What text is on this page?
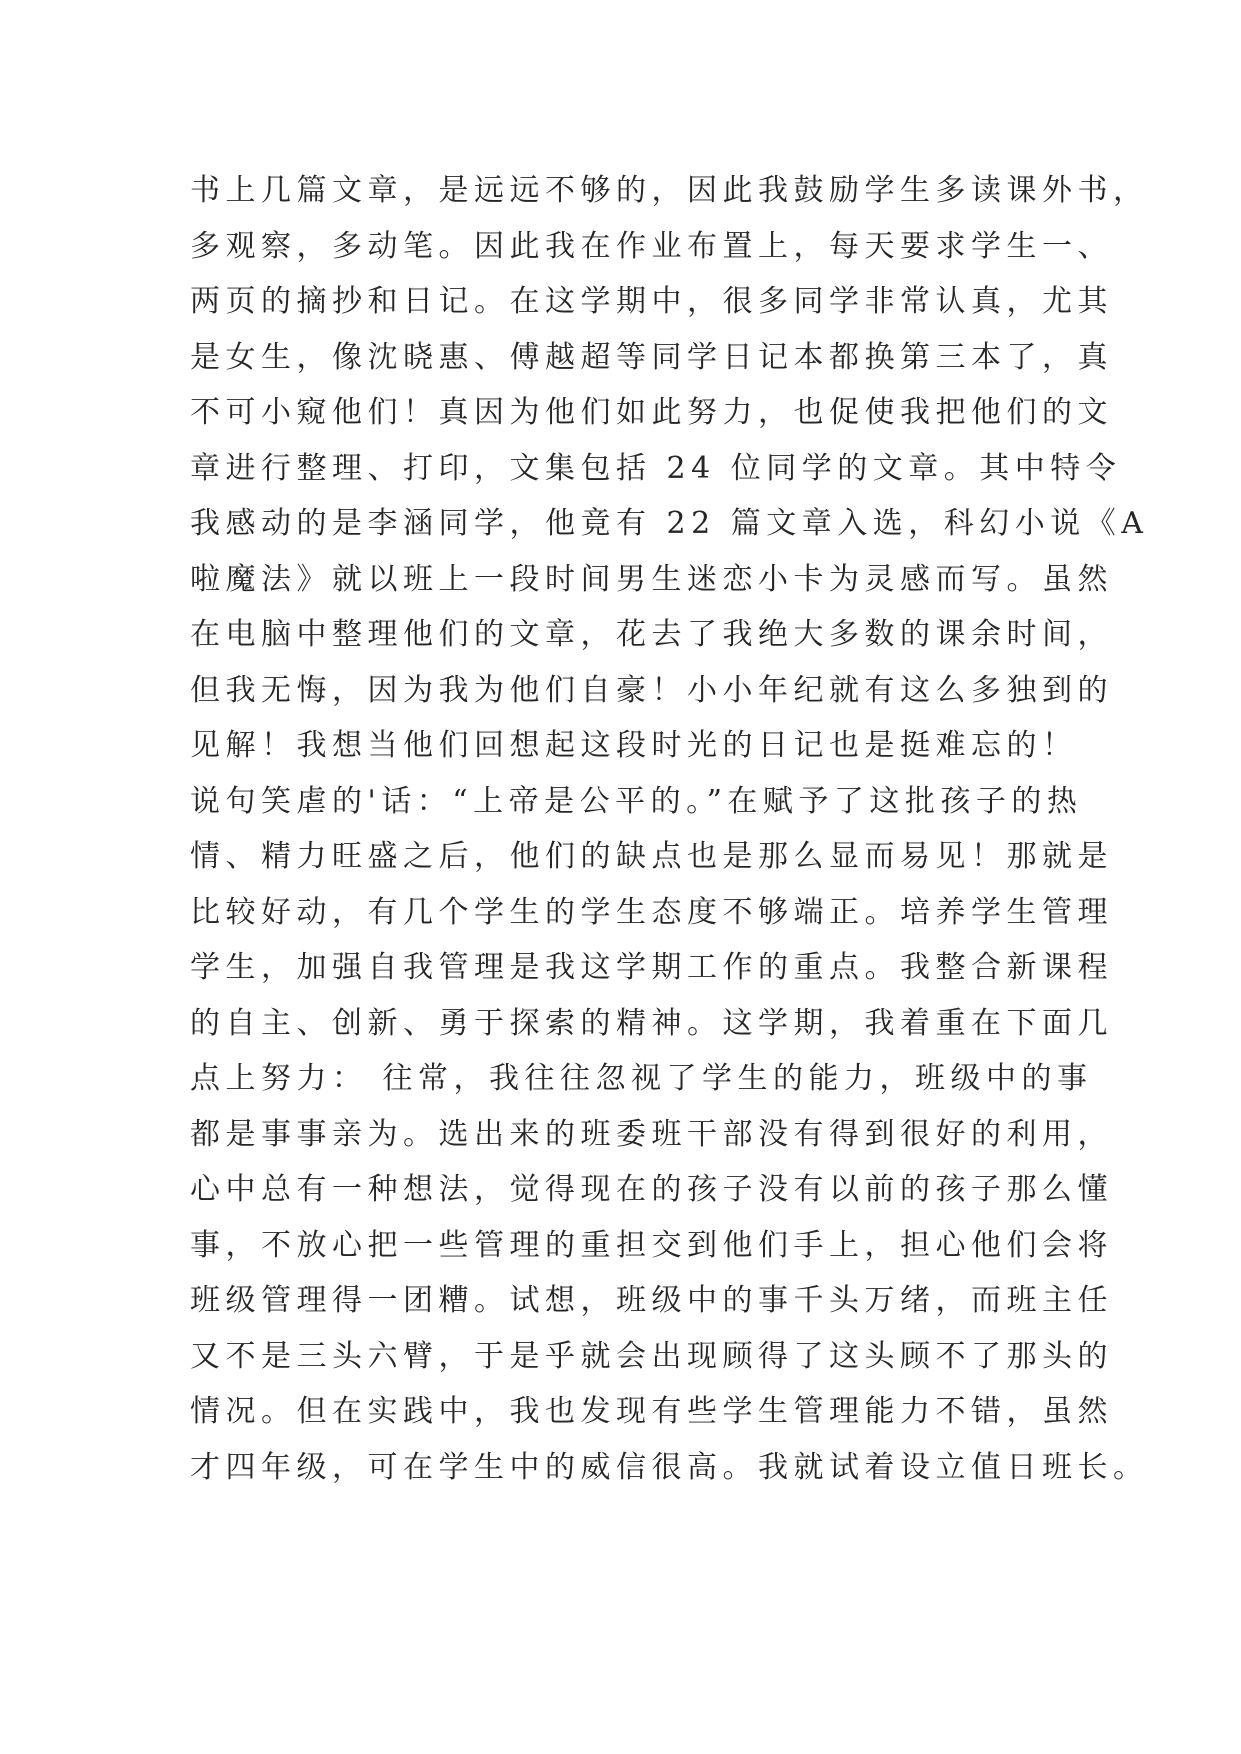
书上几篇文章，是远远不够的，因此我鼓励学生多读课外书，
多观察，多动笔。因此我在作业布置上，每天要求学生一、
两页的摘抄和日记。在这学期中，很多同学非常认真，尤其
是女生，像沈晓惠、傅越超等同学日记本都换第三本了，真
不可小窥他们！真因为他们如此努力，也促使我把他们的文
章进行整理、打印，文集包括 24 位同学的文章。其中特令
我感动的是李涵同学，他竟有 22 篇文章入选，科幻小说《A
啦魔法》就以班上一段时间男生迷恋小卡为灵感而写。虽然
在电脑中整理他们的文章，花去了我绝大多数的课余时间，
但我无悔，因为我为他们自豪！小小年纪就有这么多独到的
见解！我想当他们回想起这段时光的日记也是挺难忘的！
说句笑虐的'话：“上帝是公平的。”在赋予了这批孩子的热
情、精力旺盛之后，他们的缺点也是那么显而易见！那就是
比较好动，有几个学生的学生态度不够端正。培养学生管理
学生，加强自我管理是我这学期工作的重点。我整合新课程
的自主、创新、勇于探索的精神。这学期，我着重在下面几
点上努力： 往常，我往往忽视了学生的能力，班级中的事
都是事事亲为。选出来的班委班干部没有得到很好的利用，
心中总有一种想法，觉得现在的孩子没有以前的孩子那么懂
事，不放心把一些管理的重担交到他们手上，担心他们会将
班级管理得一团糟。试想，班级中的事千头万绪，而班主任
又不是三头六臂，于是乎就会出现顾得了这头顾不了那头的
情况。但在实践中，我也发现有些学生管理能力不错，虽然
才四年级，可在学生中的威信很高。我就试着设立值日班长。
